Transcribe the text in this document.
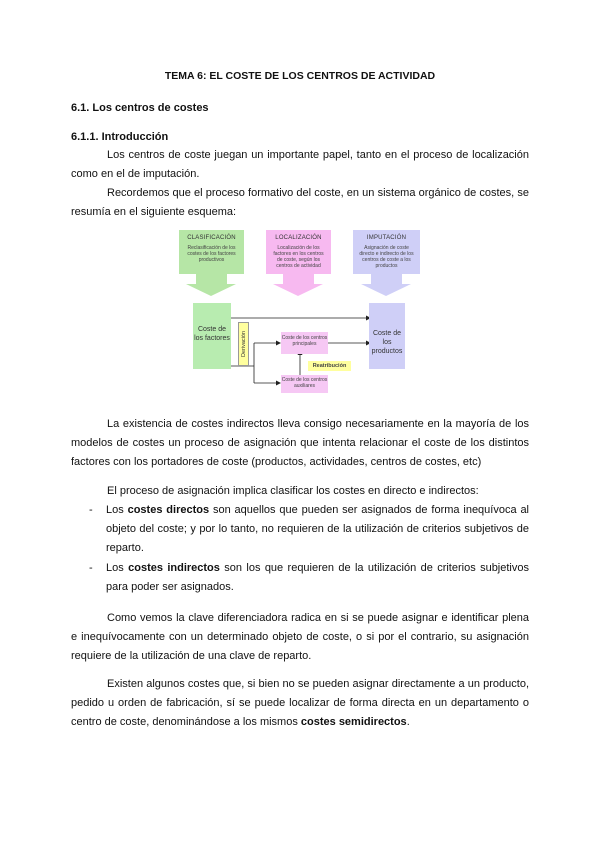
TEMA 6: EL COSTE DE LOS CENTROS DE ACTIVIDAD
6.1. Los centros de costes
6.1.1. Introducción
Los centros de coste juegan un importante papel, tanto en el proceso de localización como en el de imputación.
Recordemos que el proceso formativo del coste, en un sistema orgánico de costes, se resumía en el siguiente esquema:
CLASIFICACIÓN
Reclasificación de los costes de los factores productivos
LOCALIZACIÓN
Localización de los factores en los centros de coste, según los centros de actividad
IMPUTACIÓN
Asignación de coste directo e indirecto de los centros de coste a los productos
Coste de los factores Derivación	Coste de los centros principales
Reatribución
Coste de los centros auxiliares
Coste de los productos
La existencia de costes indirectos lleva consigo necesariamente en la mayoría de los modelos de costes un proceso de asignación que intenta relacionar el coste de los distintos factores con los portadores de coste (productos, actividades, centros de costes, etc)
El proceso de asignación implica clasificar los costes en directo e indirectos:
- Los costes directos son aquellos que pueden ser asignados de forma inequívoca al objeto del coste; y por lo tanto, no requieren de la utilización de criterios subjetivos de reparto.
- Los costes indirectos son los que requieren de la utilización de criterios subjetivos para poder ser asignados.
Como vemos la clave diferenciadora radica en si se puede asignar e identificar plena e inequívocamente con un determinado objeto de coste, o si por el contrario, su asignación requiere de la utilización de una clave de reparto.
Existen algunos costes que, si bien no se pueden asignar directamente a un producto, pedido u orden de fabricación, sí se puede localizar de forma directa en un departamento o centro de coste, denominándose a los mismos costes semidirectos.
